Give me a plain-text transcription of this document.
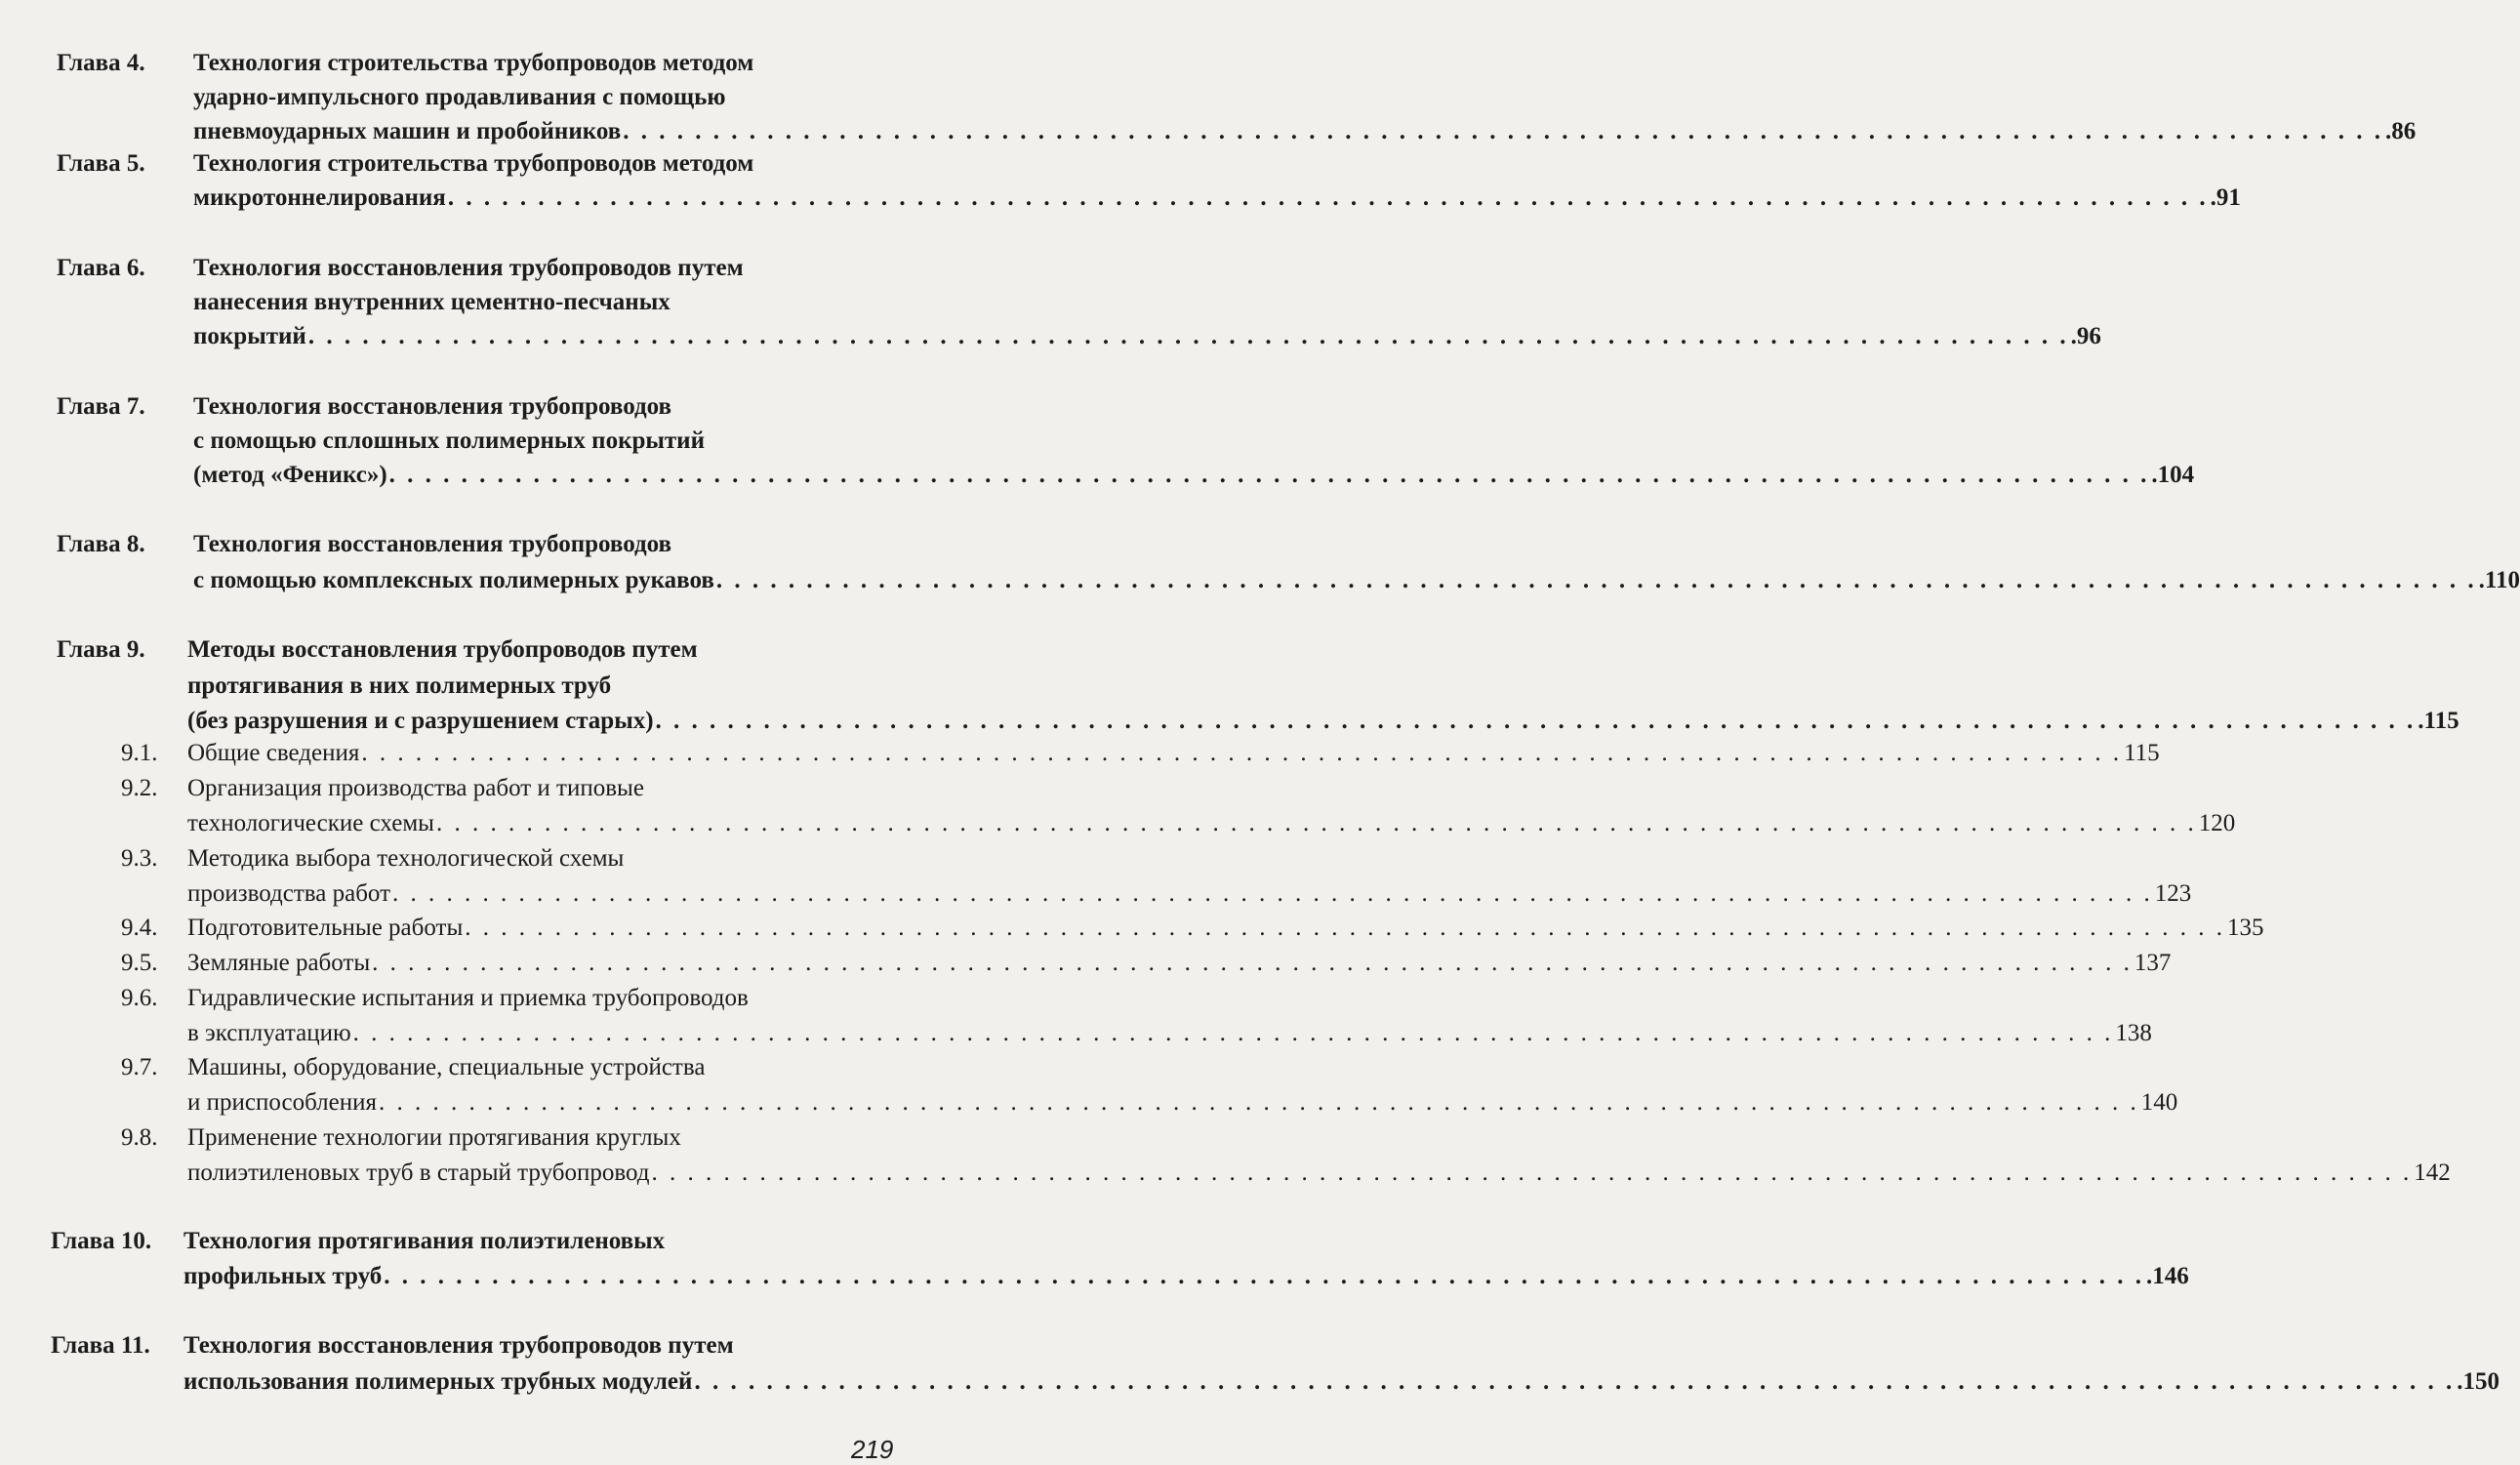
Глава 4. Технология строительства трубопроводов методом
ударно-импульсного продавливания с помощью
пневмоударных машин и пробойников . . . . . . . . . . . . . . . . . . . . . . . . . . . . . . . . . . . . . . . . . . . . . . . . . . . . . . . . . . . . . . . . . . . . . . . . . . . . . . . . . . . . . . . . . . . . . . . . . . .86
Глава 5. Технология строительства трубопроводов методом
микротоннелирования . . . . . . . . . . . . . . . . . . . . . . . . . . . . . . . . . . . . . . . . . . . . . . . . . . . . . . . . . . . . . . . . . . . . . . . . . . . . . . . . . . . . . . . . . . . . . . . . . . .91
Глава 6. Технология восстановления трубопроводов путем
нанесения внутренних цементно-песчаных
покрытий . . . . . . . . . . . . . . . . . . . . . . . . . . . . . . . . . . . . . . . . . . . . . . . . . . . . . . . . . . . . . . . . . . . . . . . . . . . . . . . . . . . . . . . . . . . . . . . . . . .96
Глава 7. Технология восстановления трубопроводов
с помощью сплошных полимерных покрытий
(метод «Феникс») . . . . . . . . . . . . . . . . . . . . . . . . . . . . . . . . . . . . . . . . . . . . . . . . . . . . . . . . . . . . . . . . . . . . . . . . . . . . . . . . . . . . . . . . . . . . . . . . . . .104
Глава 8. Технология восстановления трубопроводов
с помощью комплексных полимерных рукавов . . . . . . . . . . . . . . . . . . . . . . . . . . . . . . . . . . . . . . . . . . . . . . . . . . . . . . . . . . . . . . . . . . . . . . . . . . . . . . . . . . . . . . . . . . . . . . . . . . .110
Глава 9. Методы восстановления трубопроводов путем
протягивания в них полимерных труб
(без разрушения и с разрушением старых) . . . . . . . . . . . . . . . . . . . . . . . . . . . . . . . . . . . . . . . . . . . . . . . . . . . . . . . . . . . . . . . . . . . . . . . . . . . . . . . . . . . . . . . . . . . . . . . . . . .115
9.1. Общие сведения . . . . . . . . . . . . . . . . . . . . . . . . . . . . . . . . . . . . . . . . . . . . . . . . . . . . . . . . . . . . . . . . . . . . . . . . . . . . . . . . . . . . . . . . . . . . . . . . . . 115
9.2. Организация производства работ и типовые
технологические схемы . . . . . . . . . . . . . . . . . . . . . . . . . . . . . . . . . . . . . . . . . . . . . . . . . . . . . . . . . . . . . . . . . . . . . . . . . . . . . . . . . . . . . . . . . . . . . . . . . . 120
9.3. Методика выбора технологической схемы
производства работ . . . . . . . . . . . . . . . . . . . . . . . . . . . . . . . . . . . . . . . . . . . . . . . . . . . . . . . . . . . . . . . . . . . . . . . . . . . . . . . . . . . . . . . . . . . . . . . . . . 123
9.4. Подготовительные работы . . . . . . . . . . . . . . . . . . . . . . . . . . . . . . . . . . . . . . . . . . . . . . . . . . . . . . . . . . . . . . . . . . . . . . . . . . . . . . . . . . . . . . . . . . . . . . . . . . 135
9.5. Земляные работы . . . . . . . . . . . . . . . . . . . . . . . . . . . . . . . . . . . . . . . . . . . . . . . . . . . . . . . . . . . . . . . . . . . . . . . . . . . . . . . . . . . . . . . . . . . . . . . . . . 137
9.6. Гидравлические испытания и приемка трубопроводов
в эксплуатацию . . . . . . . . . . . . . . . . . . . . . . . . . . . . . . . . . . . . . . . . . . . . . . . . . . . . . . . . . . . . . . . . . . . . . . . . . . . . . . . . . . . . . . . . . . . . . . . . . . 138
9.7. Машины, оборудование, специальные устройства
и приспособления . . . . . . . . . . . . . . . . . . . . . . . . . . . . . . . . . . . . . . . . . . . . . . . . . . . . . . . . . . . . . . . . . . . . . . . . . . . . . . . . . . . . . . . . . . . . . . . . . . 140
9.8. Применение технологии протягивания круглых
полиэтиленовых труб в старый трубопровод . . . . . . . . . . . . . . . . . . . . . . . . . . . . . . . . . . . . . . . . . . . . . . . . . . . . . . . . . . . . . . . . . . . . . . . . . . . . . . . . . . . . . . . . . . . . . . . . . . 142
Глава 10. Технология протягивания полиэтиленовых
профильных труб . . . . . . . . . . . . . . . . . . . . . . . . . . . . . . . . . . . . . . . . . . . . . . . . . . . . . . . . . . . . . . . . . . . . . . . . . . . . . . . . . . . . . . . . . . . . . . . . . . .146
Глава 11. Технология восстановления трубопроводов путем
использования полимерных трубных модулей . . . . . . . . . . . . . . . . . . . . . . . . . . . . . . . . . . . . . . . . . . . . . . . . . . . . . . . . . . . . . . . . . . . . . . . . . . . . . . . . . . . . . . . . . . . . . . . . . . .150
219
